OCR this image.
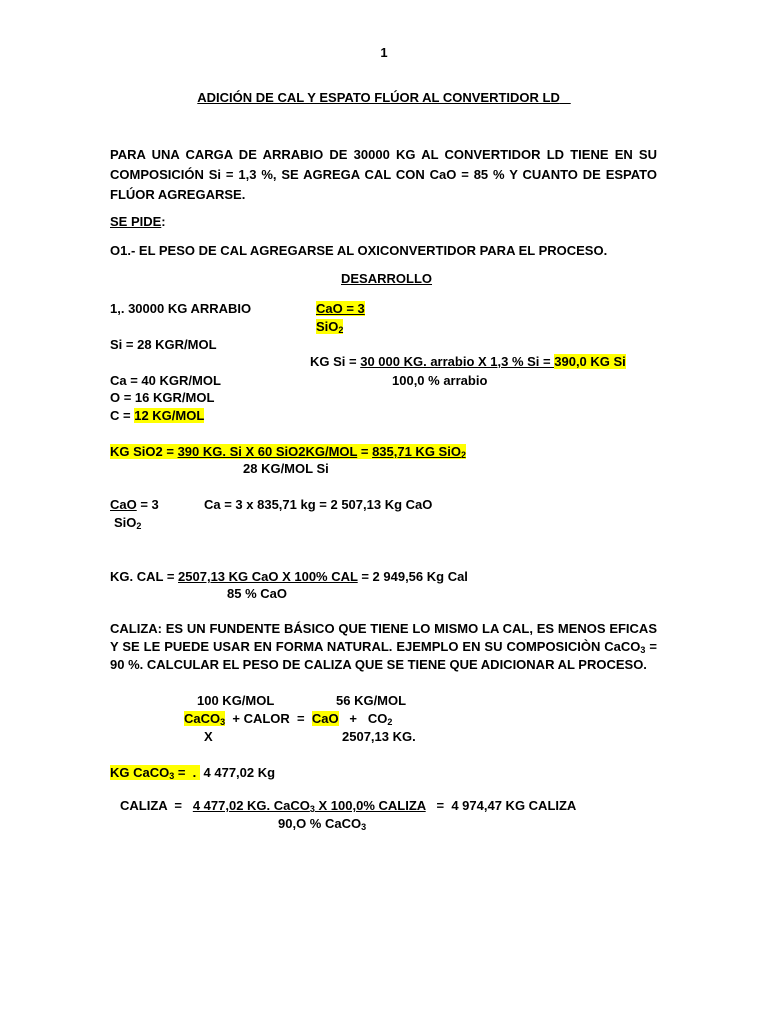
1
ADICIÓN DE CAL Y ESPATO FLÚOR AL CONVERTIDOR LD
PARA UNA CARGA DE ARRABIO DE 30000 KG AL CONVERTIDOR LD TIENE EN SU COMPOSICIÓN Si = 1,3 %, SE AGREGA CAL CON CaO = 85 % Y CUANTO DE ESPATO FLÚOR AGREGARSE.
SE PIDE:
O1.- EL PESO DE CAL AGREGARSE AL OXICONVERTIDOR PARA EL PROCESO.
DESARROLLO
1,. 30000 KG ARRABIO	CaO = 3
SiO$_2$
Si = 28 KGR/MOL
KG Si = 30 000 KG. arrabio X 1,3 % Si = 390,0 KG Si
Ca = 40 KGR/MOL	100,0 % arrabio
O = 16 KGR/MOL
C = 12 KG/MOL
KG SiO2 = 390 KG. Si X 60 SiO2KG/MOL = 835,71 KG SiO$_2$
28 KG/MOL Si
CaO = 3	Ca = 3 x 835,71 kg = 2 507,13 Kg CaO
SiO$_2$
KG. CAL = 2507,13 KG CaO X 100% CAL = 2 949,56 Kg Cal
85 % CaO
CALIZA: ES UN FUNDENTE BÁSICO QUE TIENE LO MISMO LA CAL, ES MENOS EFICAS Y SE LE PUEDE USAR EN FORMA NATURAL. EJEMPLO EN SU COMPOSICIÒN CaCO$_3$ = 90 %. CALCULAR EL PESO DE CALIZA QUE SE TIENE QUE ADICIONAR AL PROCESO.
100 KG/MOL	56 KG/MOL
CaCO$_3$  + CALOR  =  CaO   +   $CO_2$
X	2507,13 KG.
KG CaCO$_3$ =  .  4 477,02 Kg
CALIZA  =   4 477,02 KG. CaCO$_3$ X 100,0% CALIZA   =  4 974,47 KG CALIZA
90,O % CaCO$_3$
